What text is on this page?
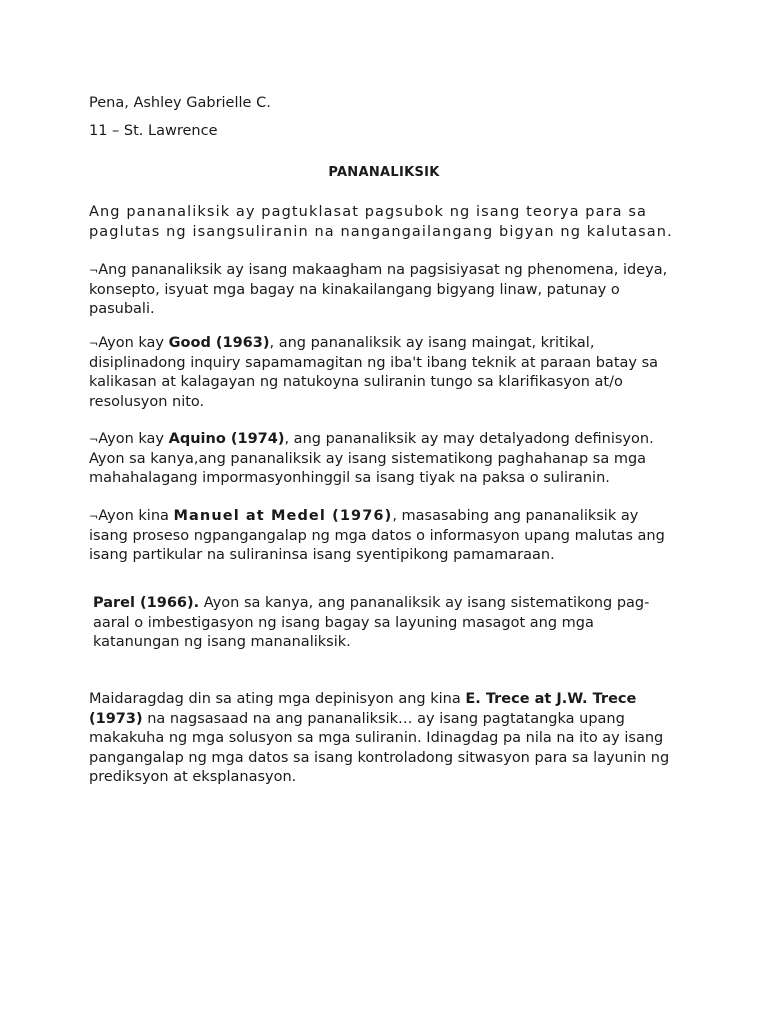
Pena, Ashley Gabrielle C.
11 – St. Lawrence
PANANALIKSIK
Ang pananaliksik ay pagtuklasat pagsubok ng isang teorya para sa paglutas ng isangsuliranin na nangangailangang bigyan ng kalutasan.
¬Ang pananaliksik ay isang makaagham na pagsisiyasat ng phenomena, ideya, konsepto, isyuat mga bagay na kinakailangang bigyang linaw, patunay o pasubali.
¬Ayon kay Good (1963), ang pananaliksik ay isang maingat, kritikal, disiplinadong inquiry sapamamagitan ng iba't ibang teknik at paraan batay sa kalikasan at kalagayan ng natukoyna suliranin tungo sa klarifikasyon at/o resolusyon nito.
¬Ayon kay Aquino (1974), ang pananaliksik ay may detalyadong definisyon. Ayon sa kanya,ang pananaliksik ay isang sistematikong paghahanap sa mga mahahalagang impormasyonhinggil sa isang tiyak na paksa o suliranin.
¬Ayon kina Manuel at Medel (1976), masasabing ang pananaliksik ay isang proseso ngpangangalap ng mga datos o informasyon upang malutas ang isang partikular na suliraninsa isang syentipikong pamamaraan.
Parel (1966). Ayon sa kanya, ang pananaliksik ay isang sistematikong pag-aaral o imbestigasyon ng isang bagay sa layuning masagot ang mga katanungan ng isang mananaliksik.
Maidaragdag din sa ating mga depinisyon ang kina E. Trece at J.W. Trece (1973) na nagsasaad na ang pananaliksik… ay isang pagtatangka upang makakuha ng mga solusyon sa mga suliranin. Idinagdag pa nila na ito ay isang pangangalap ng mga datos sa isang kontroladong sitwasyon para sa layunin ng prediksyon at eksplanasyon.
